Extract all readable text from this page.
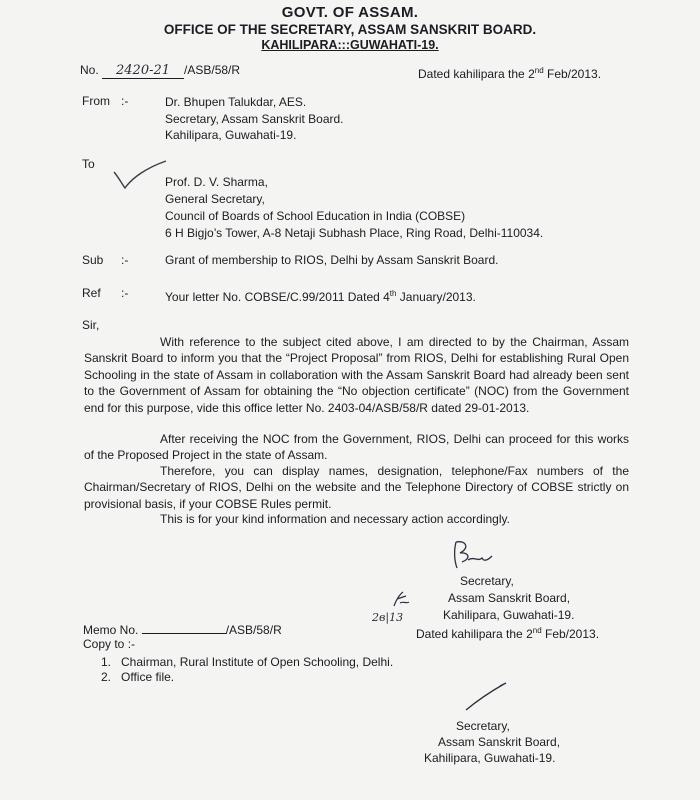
GOVT. OF ASSAM.
OFFICE OF THE SECRETARY, ASSAM SANSKRIT BOARD.
KAHILIPARA:::GUWAHATI-19.
No. 2420-21 /ASB/58/R	Dated kahilipara the 2nd Feb/2013.
From :-	Dr. Bhupen Talukdar, AES.
Secretary, Assam Sanskrit Board.
Kahilipara, Guwahati-19.
To
Prof. D. V. Sharma,
General Secretary,
Council of Boards of School Education in India (COBSE)
6 H Bigjo’s Tower, A-8 Netaji Subhash Place, Ring Road, Delhi-110034.
Sub :-	Grant of membership to RIOS, Delhi by Assam Sanskrit Board.
Ref :-	Your letter No. COBSE/C.99/2011 Dated 4th January/2013.
Sir,
With reference to the subject cited above, I am directed to by the Chairman, Assam Sanskrit Board to inform you that the “Project Proposal” from RIOS, Delhi for establishing Rural Open Schooling in the state of Assam in collaboration with the Assam Sanskrit Board had already been sent to the Government of Assam for obtaining the “No objection certificate” (NOC) from the Government end for this purpose, vide this office letter No. 2403-04/ASB/58/R dated 29-01-2013.
After receiving the NOC from the Government, RIOS, Delhi can proceed for this works of the Proposed Project in the state of Assam.
Therefore, you can display names, designation, telephone/Fax numbers of the Chairman/Secretary of RIOS, Delhi on the website and the Telephone Directory of COBSE strictly on provisional basis, if your COBSE Rules permit.
This is for your kind information and necessary action accordingly.
Secretary,
Assam Sanskrit Board,
Kahilipara, Guwahati-19.
2в|13
Memo No.	/ASB/58/R	Dated kahilipara the 2nd Feb/2013.
Copy to :-
1.   Chairman, Rural Institute of Open Schooling, Delhi.
2.   Office file.
Secretary,
Assam Sanskrit Board,
Kahilipara, Guwahati-19.
